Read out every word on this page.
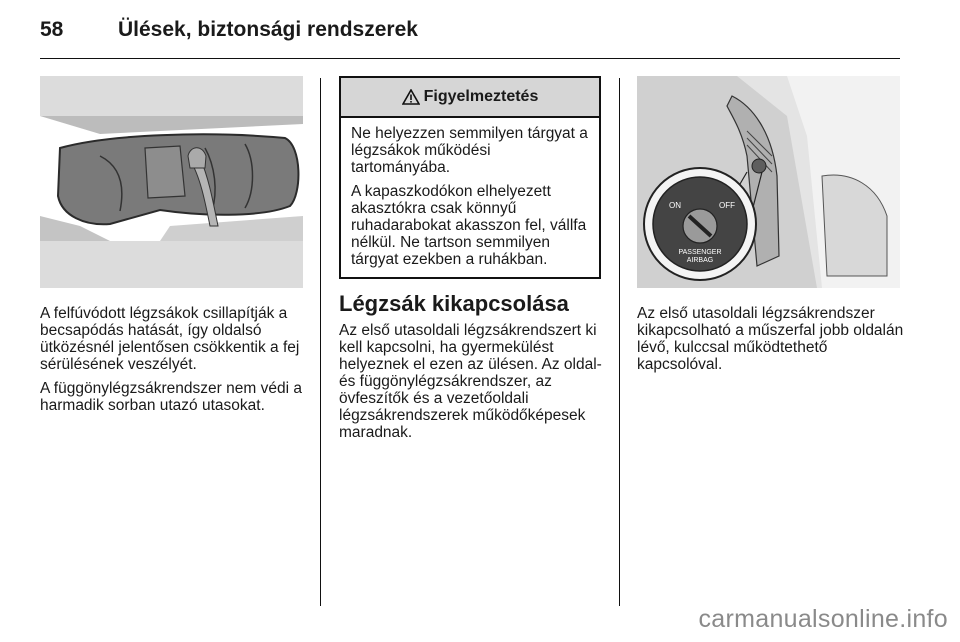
58	Ülések, biztonsági rendszerek

A felfúvódott légzsákok csillapítják a becsapódás hatását, így oldalsó ütközésnél jelentősen csökkentik a fej sérülésének veszélyét.

A függönylégzsákrendszer nem védi a harmadik sorban utazó utasokat.

Figyelmeztetés

Ne helyezzen semmilyen tárgyat a légzsákok működési tartományába.

A kapaszkodókon elhelyezett akasztókra csak könnyű ruhadarabokat akasszon fel, vállfa nélkül. Ne tartson semmilyen tárgyat ezekben a ruhákban.

Légzsák kikapcsolása

Az első utasoldali légzsákrendszert ki kell kapcsolni, ha gyermekülést helyeznek el ezen az ülésen. Az oldal- és függönylégzsákrendszer, az övfeszítők és a vezetőoldali légzsákrendszerek működőképesek maradnak.

ON	OFF
PASSENGER
AIRBAG

Az első utasoldali légzsákrendszer kikapcsolható a műszerfal jobb oldalán lévő, kulccsal működtethető kapcsolóval.

carmanualsonline.info
